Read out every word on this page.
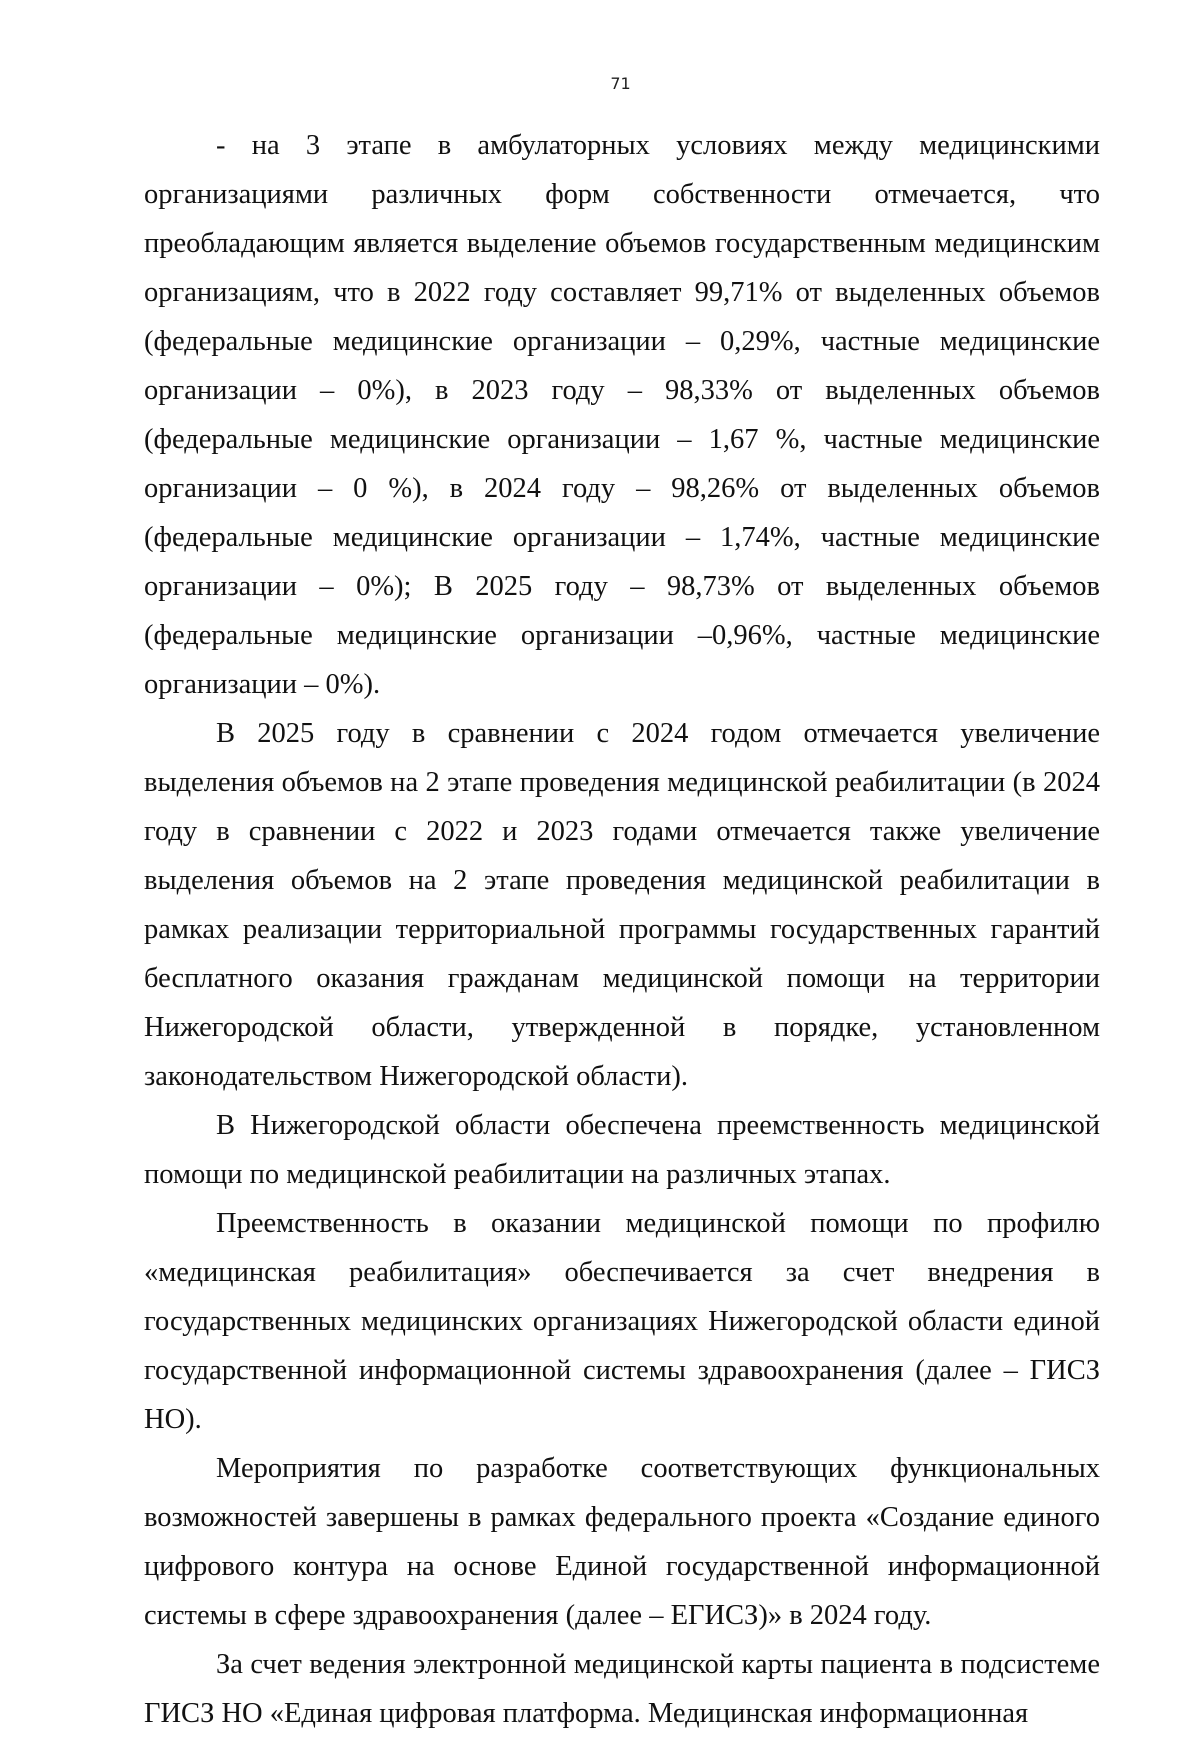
71

- на 3 этапе в амбулаторных условиях между медицинскими организациями различных форм собственности отмечается, что преобладающим является выделение объемов государственным медицинским организациям, что в 2022 году составляет 99,71% от выделенных объемов (федеральные медицинские организации – 0,29%, частные медицинские организации – 0%), в 2023 году – 98,33% от выделенных объемов (федеральные медицинские организации – 1,67 %, частные медицинские организации – 0 %), в 2024 году – 98,26% от выделенных объемов (федеральные медицинские организации – 1,74%, частные медицинские организации – 0%); В 2025 году – 98,73% от выделенных объемов (федеральные медицинские организации –0,96%, частные медицинские организации – 0%).

В 2025 году в сравнении с 2024 годом отмечается увеличение выделения объемов на 2 этапе проведения медицинской реабилитации (в 2024 году в сравнении с 2022 и 2023 годами отмечается также увеличение выделения объемов на 2 этапе проведения медицинской реабилитации в рамках реализации территориальной программы государственных гарантий бесплатного оказания гражданам медицинской помощи на территории Нижегородской области, утвержденной в порядке, установленном законодательством Нижегородской области).

В Нижегородской области обеспечена преемственность медицинской помощи по медицинской реабилитации на различных этапах.

Преемственность в оказании медицинской помощи по профилю «медицинская реабилитация» обеспечивается за счет внедрения в государственных медицинских организациях Нижегородской области единой государственной информационной системы здравоохранения (далее – ГИСЗ НО).

Мероприятия по разработке соответствующих функциональных возможностей завершены в рамках федерального проекта «Создание единого цифрового контура на основе Единой государственной информационной системы в сфере здравоохранения (далее – ЕГИСЗ)» в 2024 году.

За счет ведения электронной медицинской карты пациента в подсистеме ГИСЗ НО «Единая цифровая платформа. Медицинская информационная
